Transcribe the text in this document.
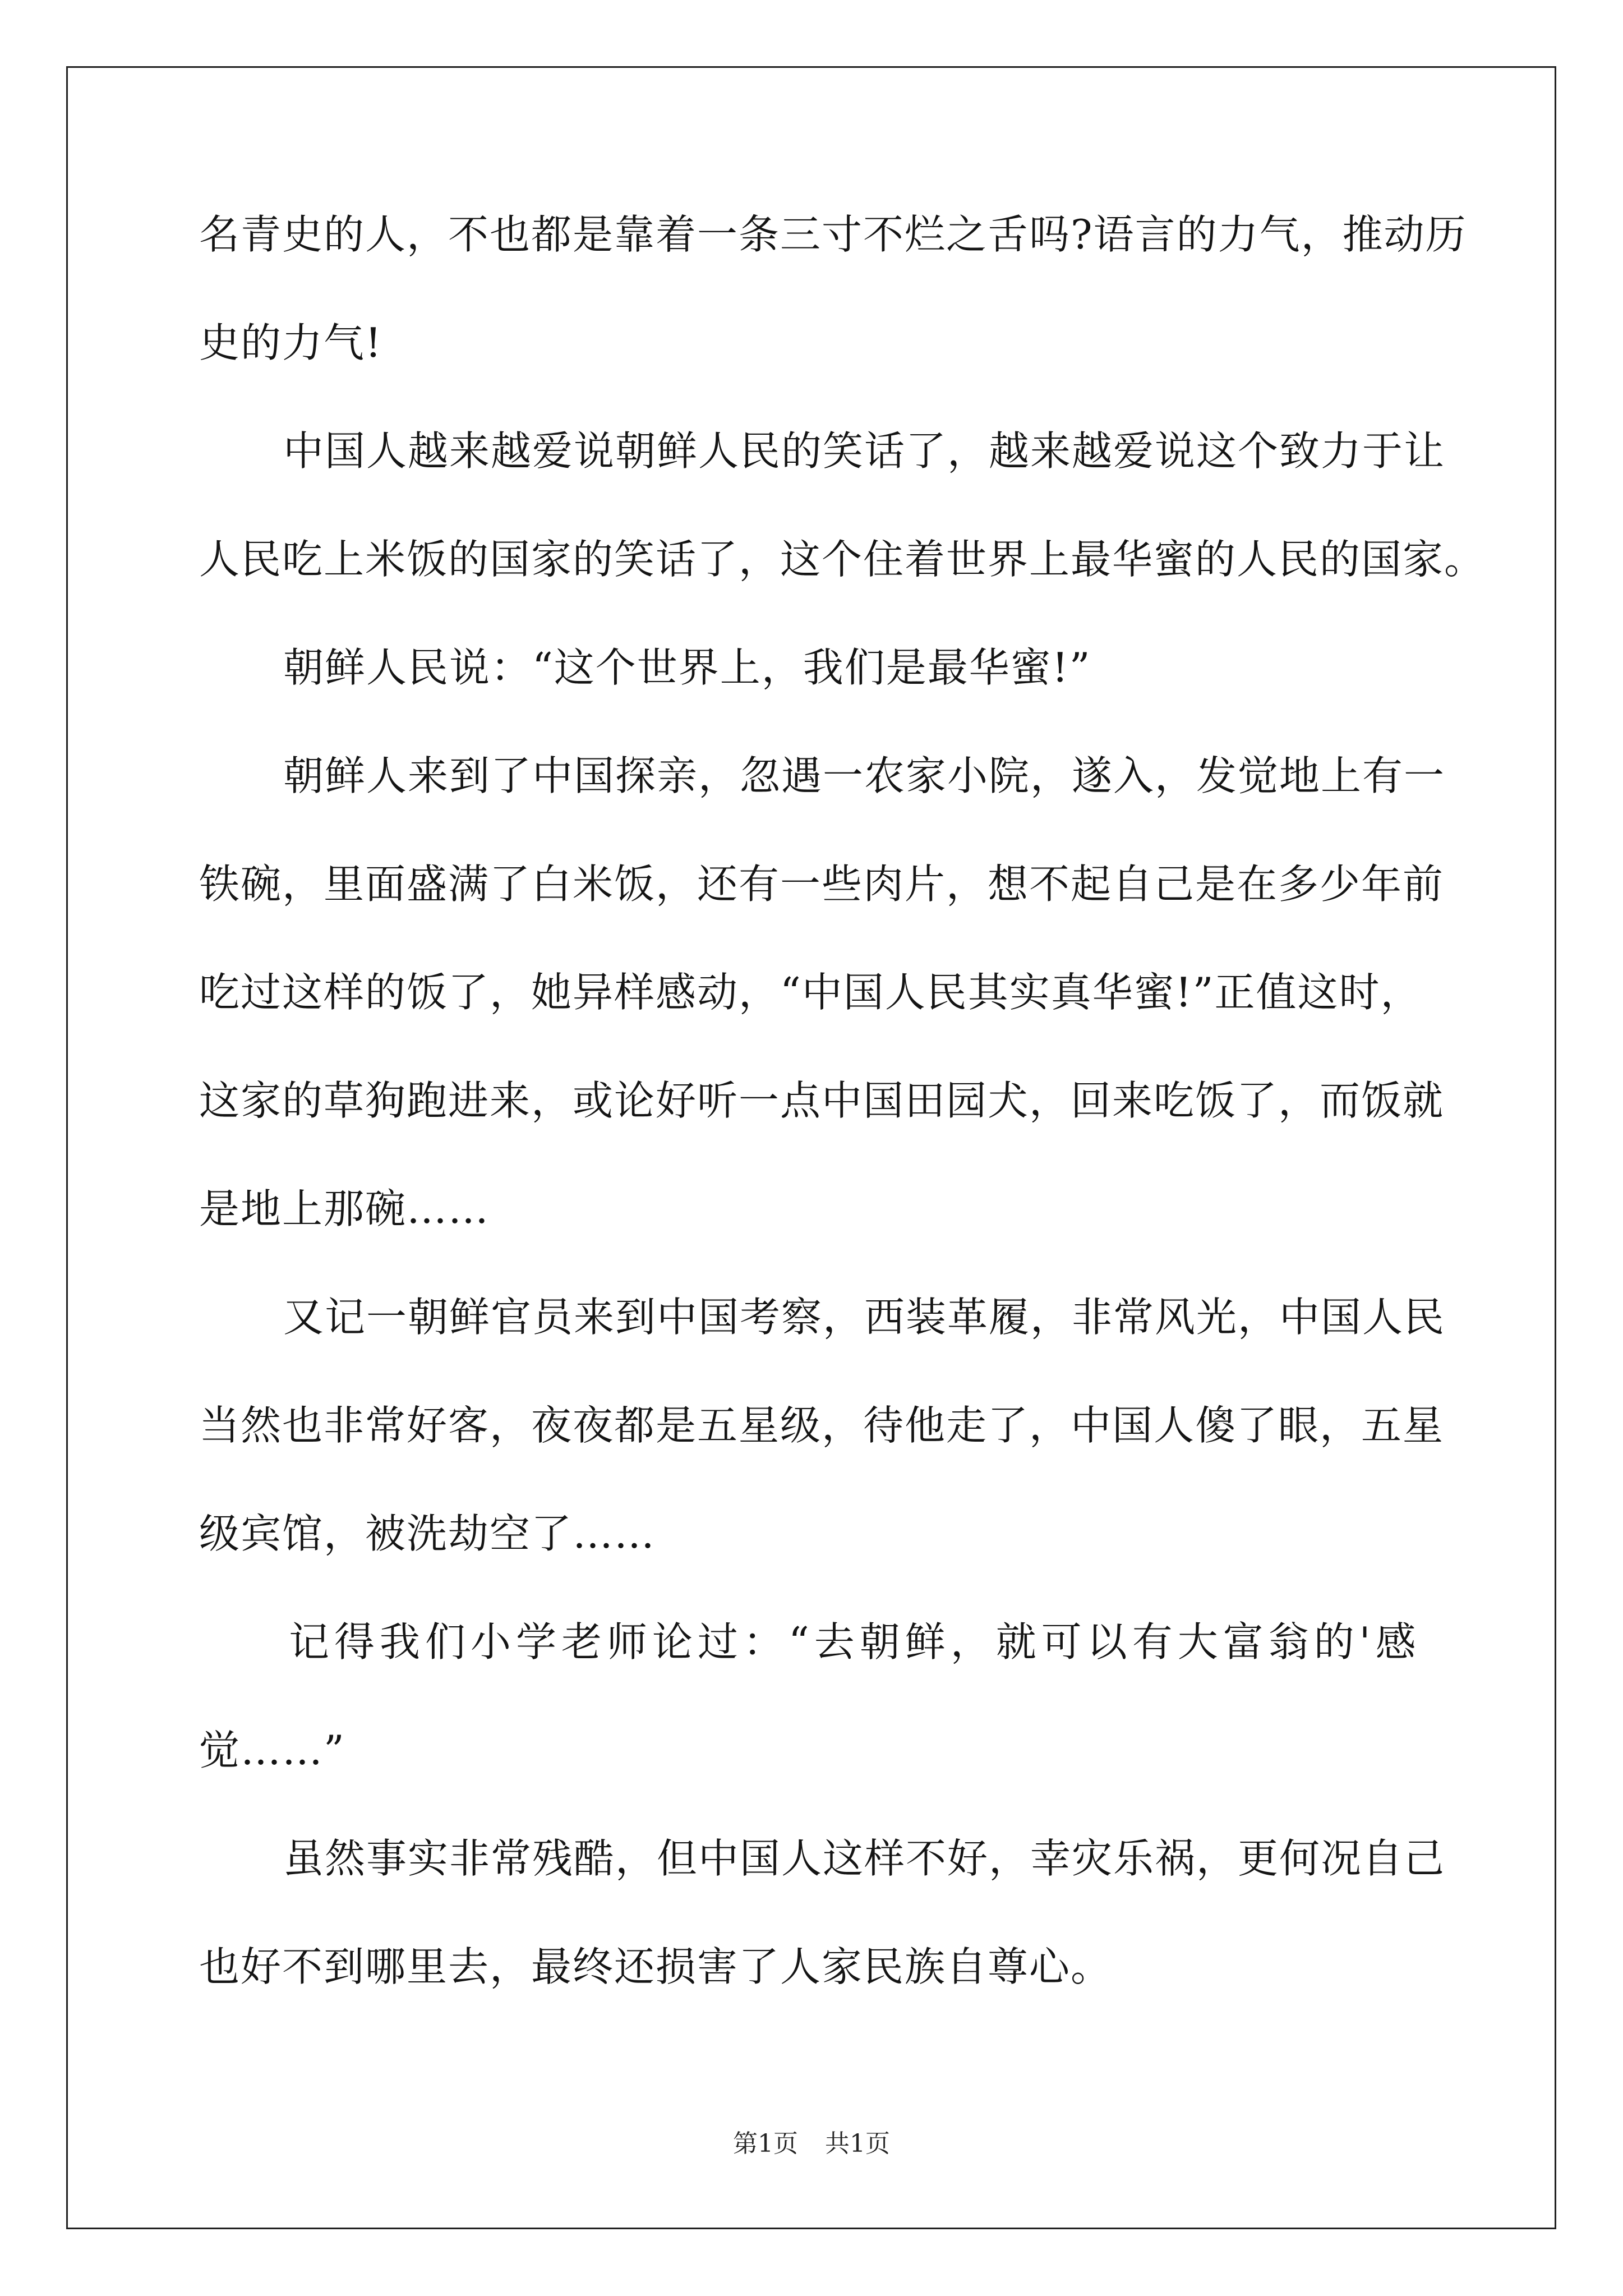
名青史的人，不也都是靠着一条三寸不烂之舌吗?语言的力气，推动历
史的力气!
中国人越来越爱说朝鲜人民的笑话了，越来越爱说这个致力于让
人民吃上米饭的国家的笑话了，这个住着世界上最华蜜的人民的国家。
朝鲜人民说：“这个世界上，我们是最华蜜!”
朝鲜人来到了中国探亲，忽遇一农家小院，遂入，发觉地上有一
铁碗，里面盛满了白米饭，还有一些肉片，想不起自己是在多少年前
吃过这样的饭了，她异样感动，“中国人民其实真华蜜!”正值这时，
这家的草狗跑进来，或论好听一点中国田园犬，回来吃饭了，而饭就
是地上那碗……
又记一朝鲜官员来到中国考察，西装革履，非常风光，中国人民
当然也非常好客，夜夜都是五星级，待他走了，中国人傻了眼，五星
级宾馆，被洗劫空了……
记得我们小学老师论过：“去朝鲜，就可以有大富翁的'感
觉……”
虽然事实非常残酷，但中国人这样不好，幸灾乐祸，更何况自己
也好不到哪里去，最终还损害了人家民族自尊心。
第1页 共1页
